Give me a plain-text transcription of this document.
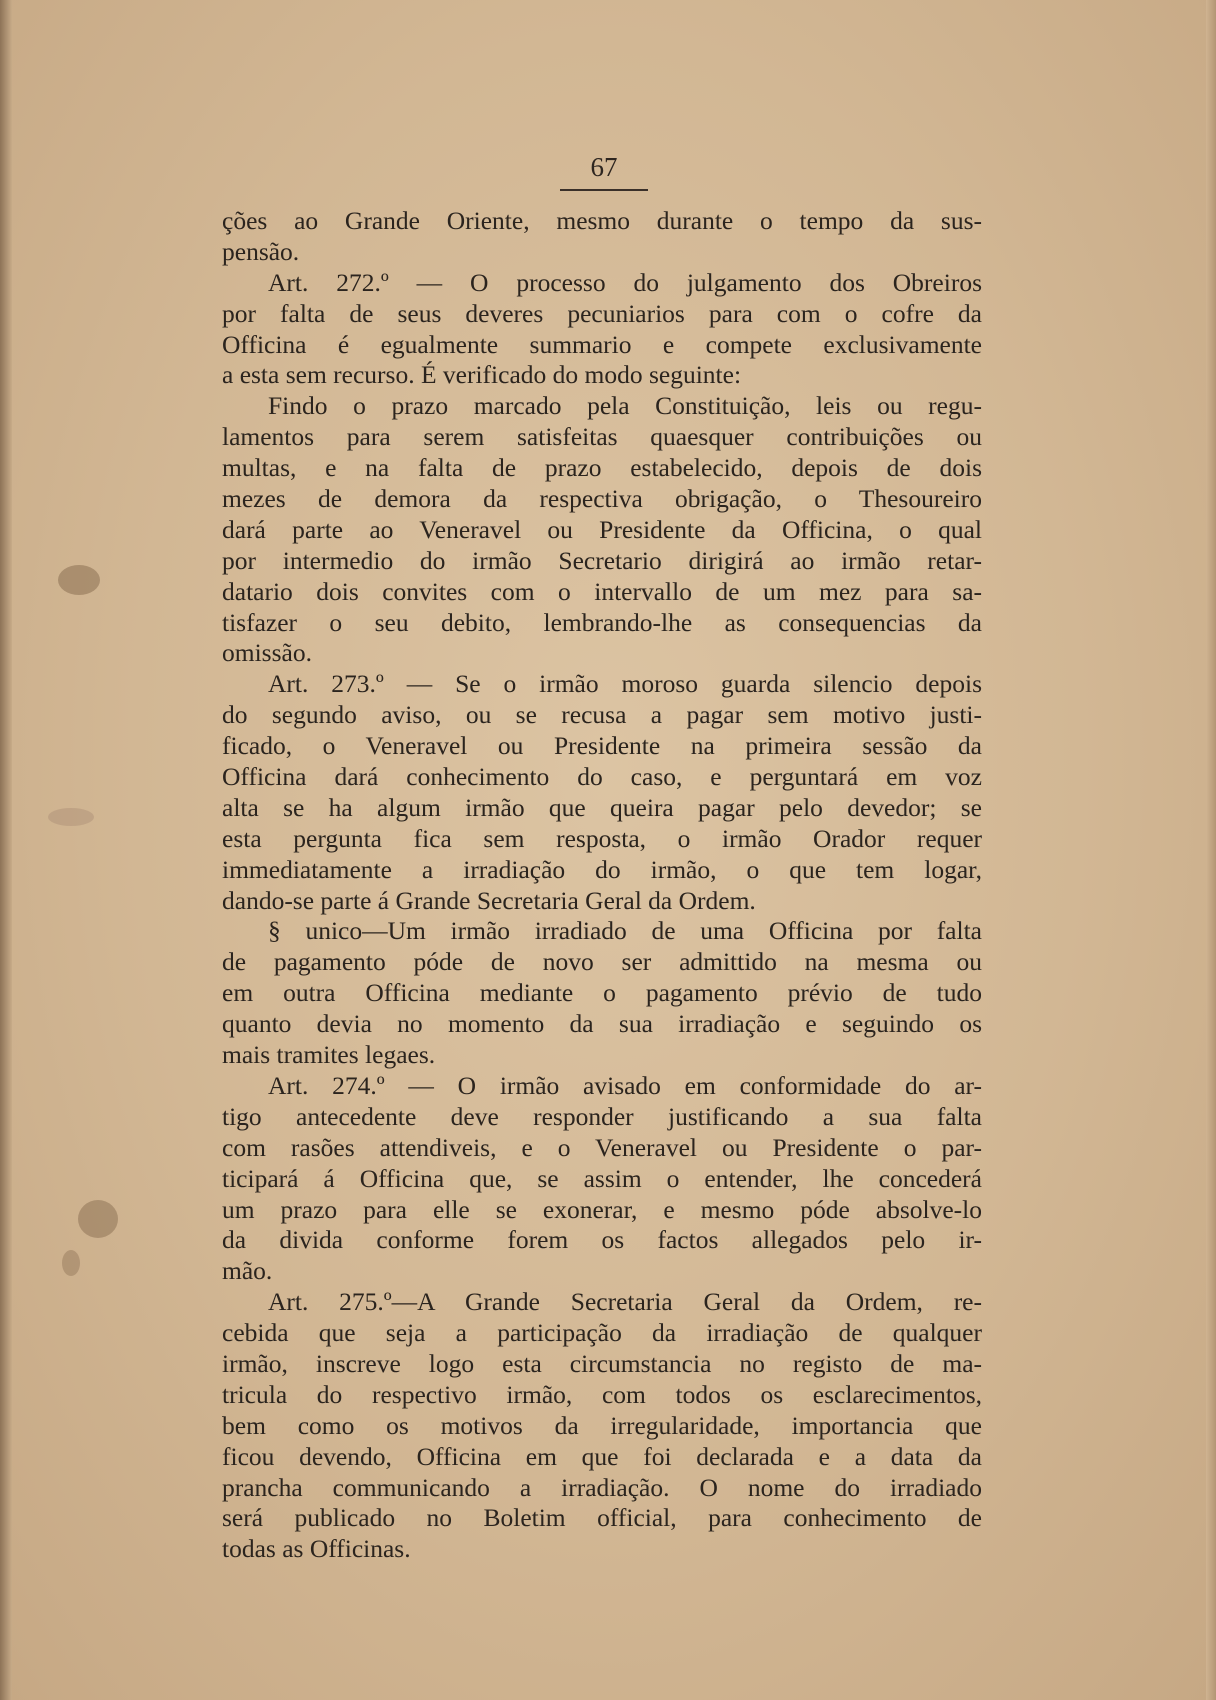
67
ções ao Grande Oriente, mesmo durante o tempo da sus-
pensão.
Art. 272.º — O processo do julgamento dos Obreiros
por falta de seus deveres pecuniarios para com o cofre da
Officina é egualmente summario e compete exclusivamente
a esta sem recurso. É verificado do modo seguinte:
Findo o prazo marcado pela Constituição, leis ou regu-
lamentos para serem satisfeitas quaesquer contribuições ou
multas, e na falta de prazo estabelecido, depois de dois
mezes de demora da respectiva obrigação, o Thesoureiro
dará parte ao Veneravel ou Presidente da Officina, o qual
por intermedio do irmão Secretario dirigirá ao irmão retar-
datario dois convites com o intervallo de um mez para sa-
tisfazer o seu debito, lembrando-lhe as consequencias da
omissão.
Art. 273.º — Se o irmão moroso guarda silencio depois
do segundo aviso, ou se recusa a pagar sem motivo justi-
ficado, o Veneravel ou Presidente na primeira sessão da
Officina dará conhecimento do caso, e perguntará em voz
alta se ha algum irmão que queira pagar pelo devedor; se
esta pergunta fica sem resposta, o irmão Orador requer
immediatamente a irradiação do irmão, o que tem logar,
dando-se parte á Grande Secretaria Geral da Ordem.
§ unico—Um irmão irradiado de uma Officina por falta
de pagamento póde de novo ser admittido na mesma ou
em outra Officina mediante o pagamento prévio de tudo
quanto devia no momento da sua irradiação e seguindo os
mais tramites legaes.
Art. 274.º — O irmão avisado em conformidade do ar-
tigo antecedente deve responder justificando a sua falta
com rasões attendiveis, e o Veneravel ou Presidente o par-
ticipará á Officina que, se assim o entender, lhe concederá
um prazo para elle se exonerar, e mesmo póde absolve-lo
da divida conforme forem os factos allegados pelo ir-
mão.
Art. 275.º—A Grande Secretaria Geral da Ordem, re-
cebida que seja a participação da irradiação de qualquer
irmão, inscreve logo esta circumstancia no registo de ma-
tricula do respectivo irmão, com todos os esclarecimentos,
bem como os motivos da irregularidade, importancia que
ficou devendo, Officina em que foi declarada e a data da
prancha communicando a irradiação. O nome do irradiado
será publicado no Boletim official, para conhecimento de
todas as Officinas.
